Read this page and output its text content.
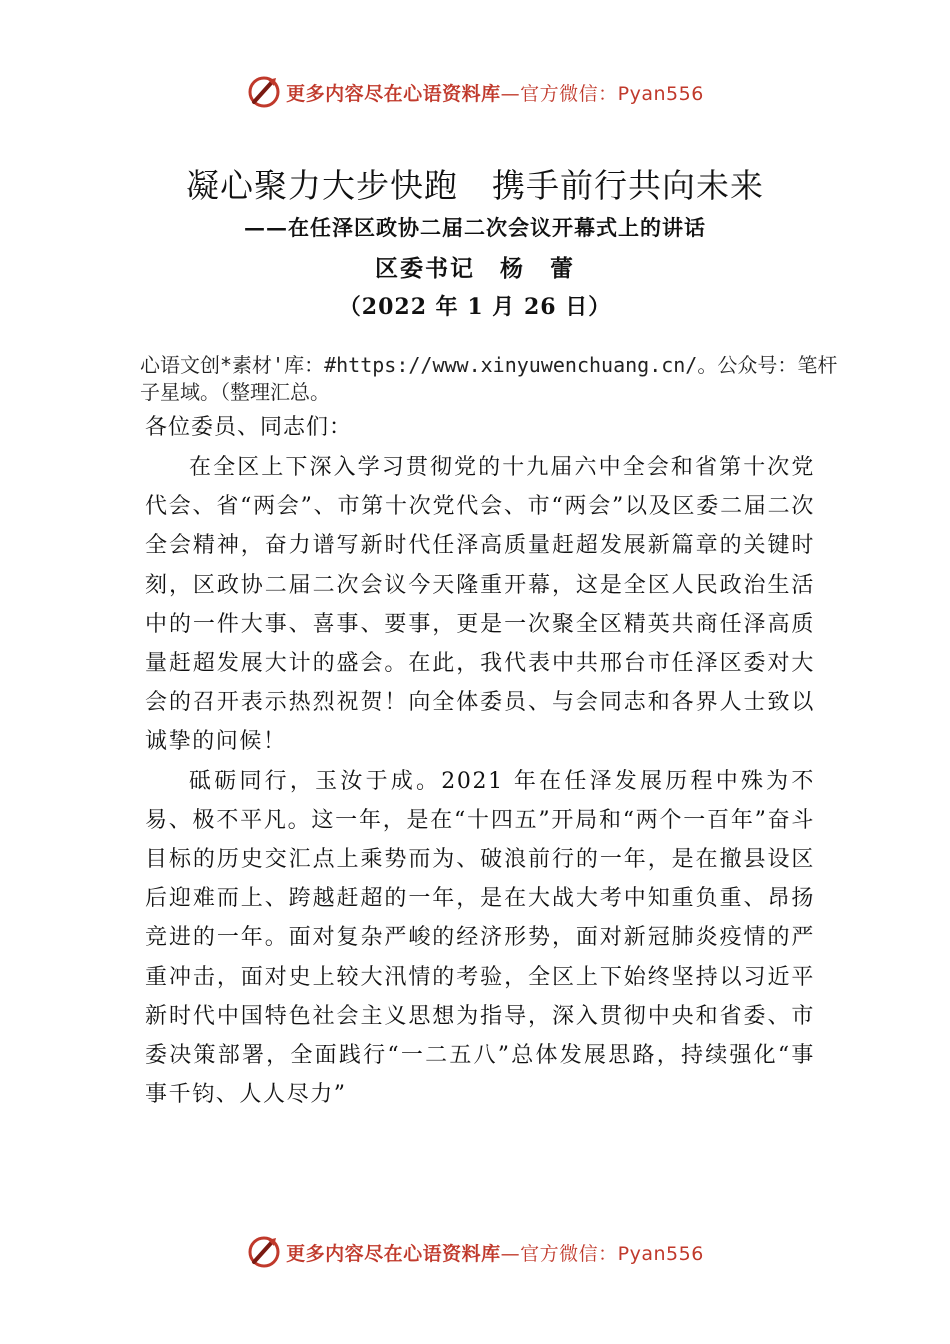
更多内容尽在心语资料库—官方微信：Pyan556
凝心聚力大步快跑　携手前行共向未来
——在任泽区政协二届二次会议开幕式上的讲话
区委书记　杨　蕾
（2022 年 1 月 26 日）
心语文创*素材'库：#https://www.xinyuwenchuang.cn/。公众号：笔杆子星域。（整理汇总。
各位委员、同志们：

在全区上下深入学习贯彻党的十九届六中全会和省第十次党代会、省“两会”、市第十次党代会、市“两会”以及区委二届二次全会精神，奋力谱写新时代任泽高质量赶超发展新篇章的关键时刻，区政协二届二次会议今天隆重开幕，这是全区人民政治生活中的一件大事、喜事、要事，更是一次聚全区精英共商任泽高质量赶超发展大计的盛会。在此，我代表中共邢台市任泽区委对大会的召开表示热烈祝贺！向全体委员、与会同志和各界人士致以诚挚的问候！

砥砺同行，玉汝于成。2021 年在任泽发展历程中殊为不易、极不平凡。这一年，是在“十四五”开局和“两个一百年”奋斗目标的历史交汇点上乘势而为、破浪前行的一年，是在撤县设区后迎难而上、跨越赶超的一年，是在大战大考中知重负重、昂扬竞进的一年。面对复杂严峻的经济形势，面对新冠肺炎疫情的严重冲击，面对史上较大汛情的考验，全区上下始终坚持以习近平新时代中国特色社会主义思想为指导，深入贯彻中央和省委、市委决策部署，全面践行“一二五八”总体发展思路，持续强化“事事千钧、人人尽力”

更多内容尽在心语资料库—官方微信：Pyan556
